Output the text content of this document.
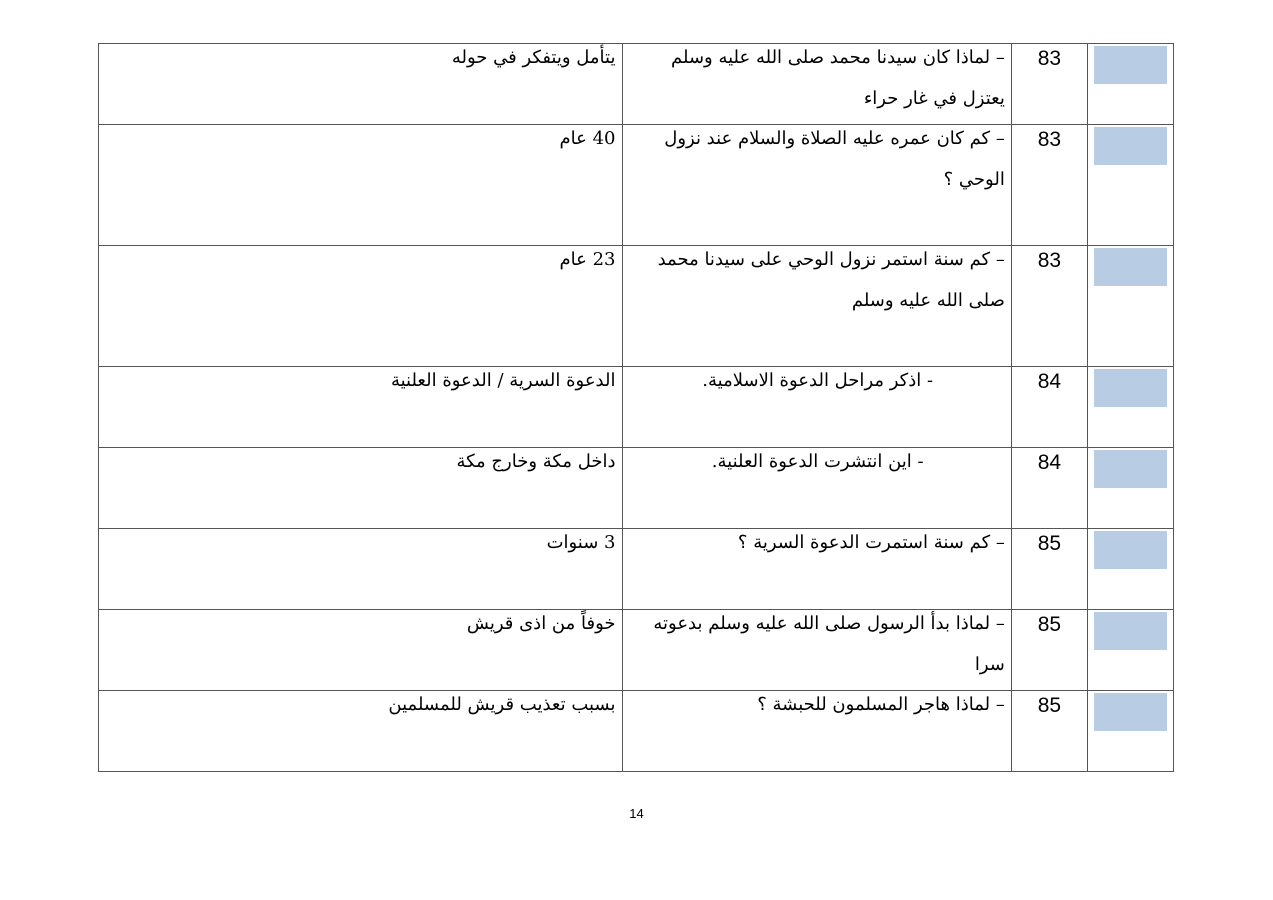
	83	– لماذا كان سيدنا محمد صلى الله عليه وسلم يعتزل في غار حراء	يتأمل ويتفكر في حوله

	83	– كم كان عمره عليه الصلاة والسلام عند نزول الوحي ؟	40 عام

	83	– كم سنة استمر نزول الوحي على سيدنا محمد صلى الله عليه وسلم	23 عام

	84	- اذكر مراحل الدعوة الاسلامية.	الدعوة السرية / الدعوة العلنية

	84	- اين انتشرت الدعوة العلنية.	داخل مكة وخارج مكة

	85	– كم سنة استمرت الدعوة السرية ؟	3 سنوات

	85	– لماذا بدأ الرسول صلى الله عليه وسلم بدعوته سرا	خوفاً من اذى قريش

	85	– لماذا هاجر المسلمون للحبشة ؟	بسبب تعذيب قريش للمسلمين
14
